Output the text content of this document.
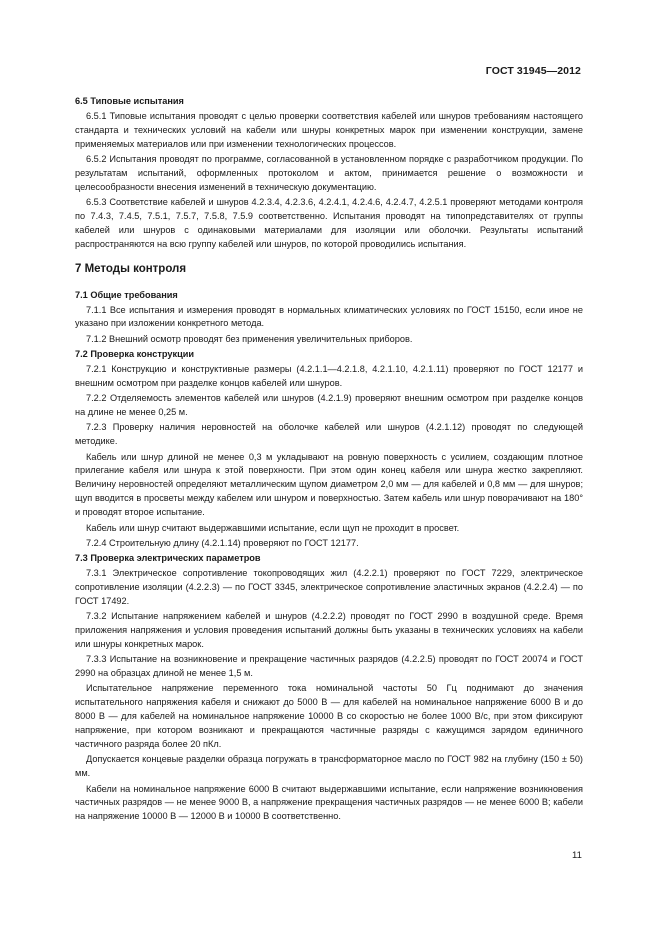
ГОСТ 31945—2012
6.5 Типовые испытания
6.5.1 Типовые испытания проводят с целью проверки соответствия кабелей или шнуров требованиям настоящего стандарта и технических условий на кабели или шнуры конкретных марок при изменении конструкции, замене применяемых материалов или при изменении технологических процессов.
6.5.2 Испытания проводят по программе, согласованной в установленном порядке с разработчиком продукции. По результатам испытаний, оформленных протоколом и актом, принимается решение о возможности и целесообразности внесения изменений в техническую документацию.
6.5.3 Соответствие кабелей и шнуров 4.2.3.4, 4.2.3.6, 4.2.4.1, 4.2.4.6, 4.2.4.7, 4.2.5.1 проверяют методами контроля по 7.4.3, 7.4.5, 7.5.1, 7.5.7, 7.5.8, 7.5.9 соответственно. Испытания проводят на типопредставителях от группы кабелей или шнуров с одинаковыми материалами для изоляции или оболочки. Результаты испытаний распространяются на всю группу кабелей или шнуров, по которой проводились испытания.
7 Методы контроля
7.1 Общие требования
7.1.1 Все испытания и измерения проводят в нормальных климатических условиях по ГОСТ 15150, если иное не указано при изложении конкретного метода.
7.1.2 Внешний осмотр проводят без применения увеличительных приборов.
7.2 Проверка конструкции
7.2.1 Конструкцию и конструктивные размеры (4.2.1.1—4.2.1.8, 4.2.1.10, 4.2.1.11) проверяют по ГОСТ 12177 и внешним осмотром при разделке концов кабелей или шнуров.
7.2.2 Отделяемость элементов кабелей или шнуров (4.2.1.9) проверяют внешним осмотром при разделке концов на длине не менее 0,25 м.
7.2.3 Проверку наличия неровностей на оболочке кабелей или шнуров (4.2.1.12) проводят по следующей методике.
Кабель или шнур длиной не менее 0,3 м укладывают на ровную поверхность с усилием, создающим плотное прилегание кабеля или шнура к этой поверхности. При этом один конец кабеля или шнура жестко закрепляют. Величину неровностей определяют металлическим щупом диаметром 2,0 мм — для кабелей и 0,8 мм — для шнуров; щуп вводится в просветы между кабелем или шнуром и поверхностью. Затем кабель или шнур поворачивают на 180° и проводят второе испытание.
Кабель или шнур считают выдержавшими испытание, если щуп не проходит в просвет.
7.2.4 Строительную длину (4.2.1.14) проверяют по ГОСТ 12177.
7.3 Проверка электрических параметров
7.3.1 Электрическое сопротивление токопроводящих жил (4.2.2.1) проверяют по ГОСТ 7229, электрическое сопротивление изоляции (4.2.2.3) — по ГОСТ 3345, электрическое сопротивление эластичных экранов (4.2.2.4) — по ГОСТ 17492.
7.3.2 Испытание напряжением кабелей и шнуров (4.2.2.2) проводят по ГОСТ 2990 в воздушной среде. Время приложения напряжения и условия проведения испытаний должны быть указаны в технических условиях на кабели или шнуры конкретных марок.
7.3.3 Испытание на возникновение и прекращение частичных разрядов (4.2.2.5) проводят по ГОСТ 20074 и ГОСТ 2990 на образцах длиной не менее 1,5 м.
Испытательное напряжение переменного тока номинальной частоты 50 Гц поднимают до значения испытательного напряжения кабеля и снижают до 5000 В — для кабелей на номинальное напряжение 6000 В и до 8000 В — для кабелей на номинальное напряжение 10000 В со скоростью не более 1000 В/с, при этом фиксируют напряжение, при котором возникают и прекращаются частичные разряды с кажущимся зарядом единичного частичного разряда более 20 пКл.
Допускается концевые разделки образца погружать в трансформаторное масло по ГОСТ 982 на глубину (150 ± 50) мм.
Кабели на номинальное напряжение 6000 В считают выдержавшими испытание, если напряжение возникновения частичных разрядов — не менее 9000 В, а напряжение прекращения частичных разрядов — не менее 6000 В; кабели на напряжение 10000 В — 12000 В и 10000 В соответственно.
11
